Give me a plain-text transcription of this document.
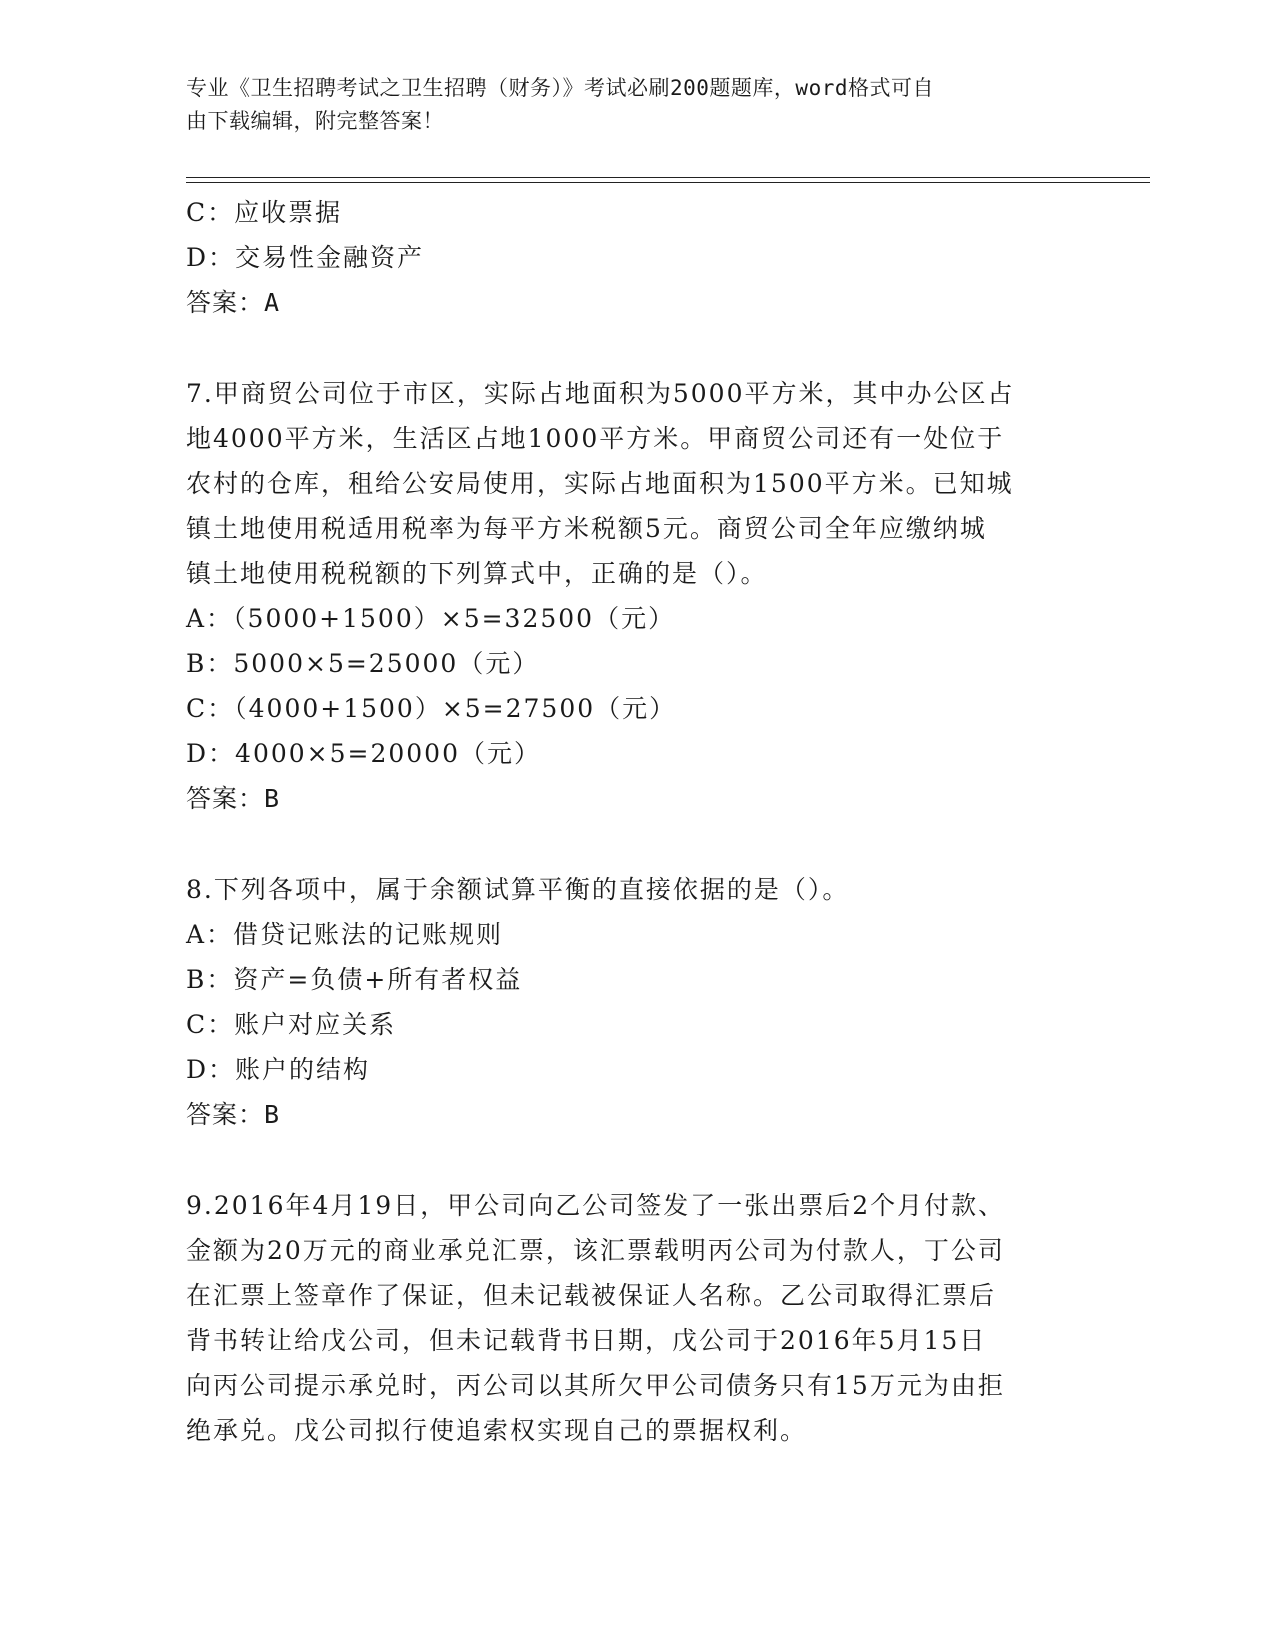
专业《卫生招聘考试之卫生招聘（财务）》考试必刷200题题库，word格式可自
由下载编辑，附完整答案！
C：应收票据
D：交易性金融资产
答案：A
7.甲商贸公司位于市区，实际占地面积为5000平方米，其中办公区占
地4000平方米，生活区占地1000平方米。甲商贸公司还有一处位于
农村的仓库，租给公安局使用，实际占地面积为1500平方米。已知城
镇土地使用税适用税率为每平方米税额5元。商贸公司全年应缴纳城
镇土地使用税税额的下列算式中，正确的是（）。
A：（5000+1500）×5=32500（元）
B：5000×5=25000（元）
C：（4000+1500）×5=27500（元）
D：4000×5=20000（元）
答案：B
8.下列各项中，属于余额试算平衡的直接依据的是（）。
A：借贷记账法的记账规则
B：资产=负债+所有者权益
C：账户对应关系
D：账户的结构
答案：B
9.2016年4月19日，甲公司向乙公司签发了一张出票后2个月付款、
金额为20万元的商业承兑汇票，该汇票载明丙公司为付款人，丁公司
在汇票上签章作了保证，但未记载被保证人名称。乙公司取得汇票后
背书转让给戊公司，但未记载背书日期，戊公司于2016年5月15日
向丙公司提示承兑时，丙公司以其所欠甲公司债务只有15万元为由拒
绝承兑。戊公司拟行使追索权实现自己的票据权利。
